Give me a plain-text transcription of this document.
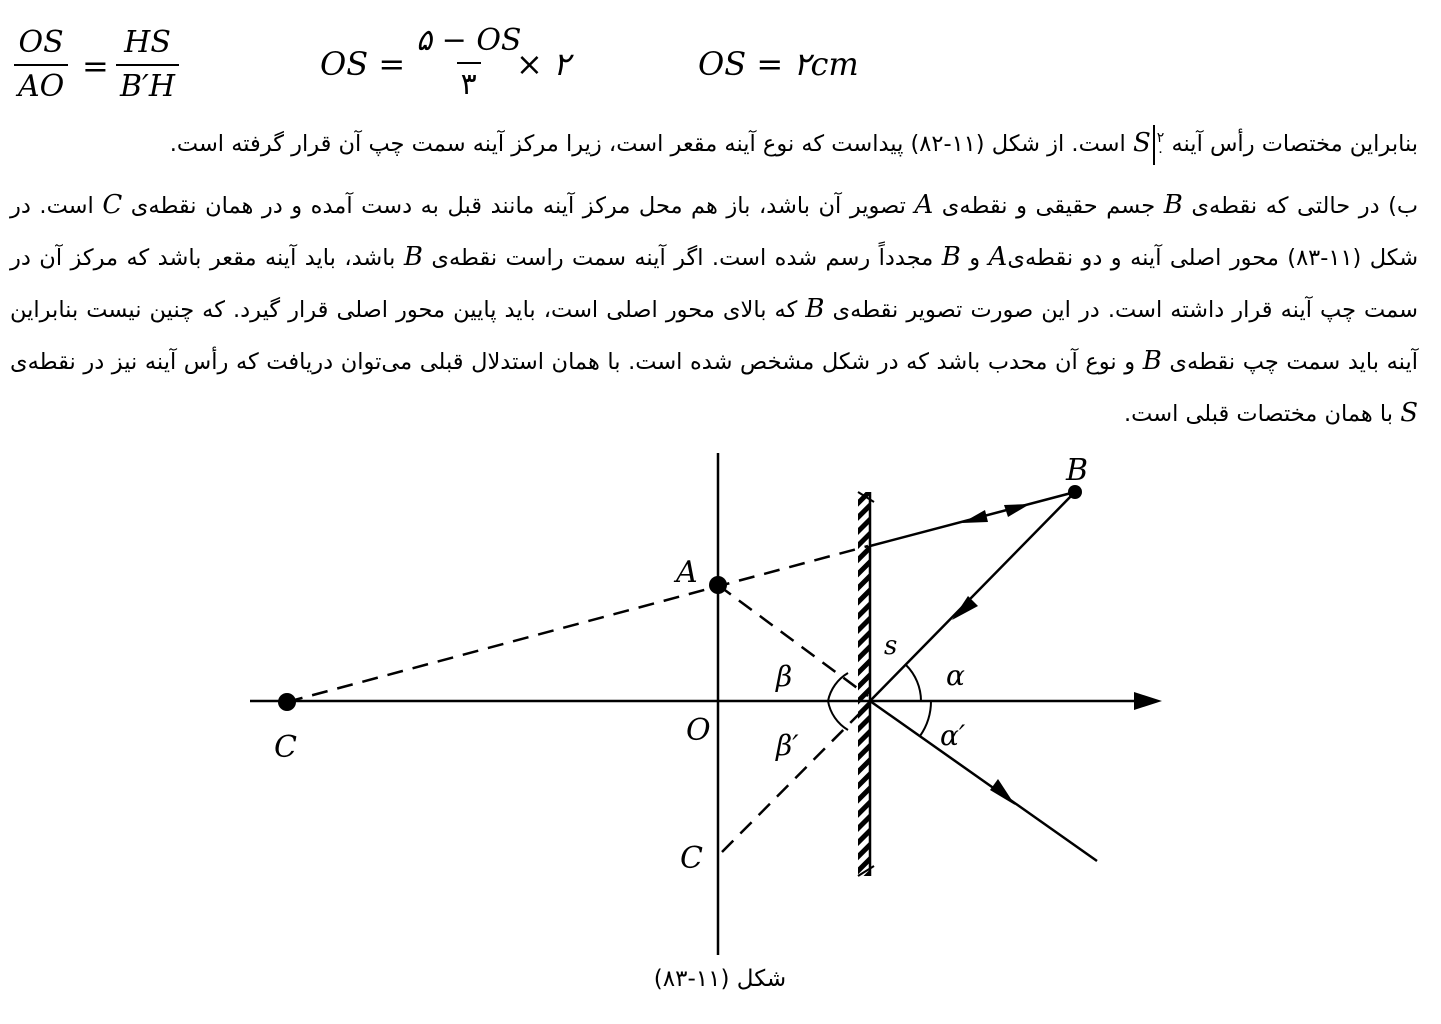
$\frac{OS}{AO} = \frac{HS}{B'H}$	OS =
۵ − OS
۳
× ۲	OS = ۲cm
بنابراین مختصات رأس آینه
۲
۰
S است. از شکل (۱۱-۸۲) پیداست که نوع آینه مقعر است، زیرا مرکز آینه سمت چپ آن قرار گرفته است.
ب) در حالتی که نقطه‌ی B جسم حقیقی و نقطه‌ی A تصویر آن باشد، باز هم محل مرکز آینه مانند قبل به دست آمده و در همان نقطه‌ی C است. در شکل (۱۱-۸۳) محور اصلی آینه و دو نقطه‌یA و B مجدداً رسم شده است. اگر آینه سمت راست نقطه‌ی B باشد، باید آینه مقعر باشد که مرکز آن در سمت چپ آینه قرار داشته است. در این صورت تصویر نقطه‌ی B که بالای محور اصلی است، باید پایین محور اصلی قرار گیرد. که چنین نیست بنابراین آینه باید سمت چپ نقطه‌ی B و نوع آن محدب باشد که در شکل مشخص شده است. با همان استدلال قبلی می‌توان دریافت که رأس آینه نیز در نقطه‌ی S با همان مختصات قبلی است.
B
A
s
α
β
C	O β′	α′
C
شکل (۱۱-۸۳)
